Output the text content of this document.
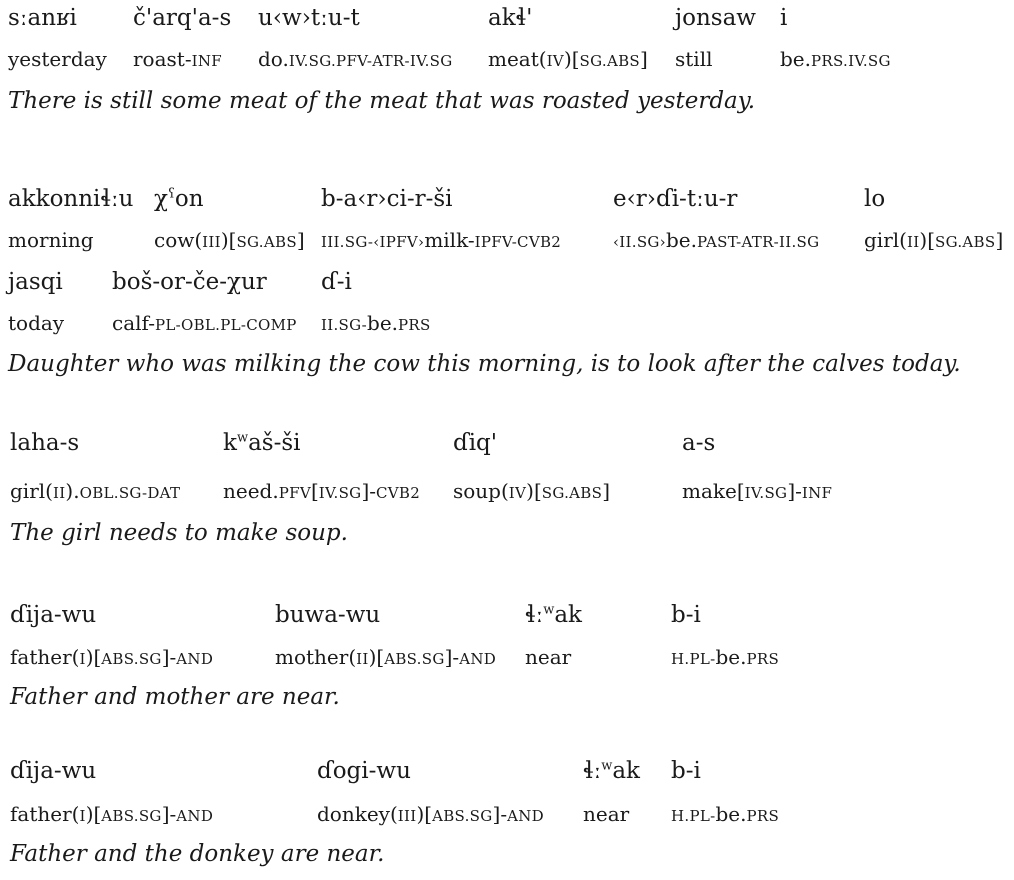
sːanʁi
yesterday
č'arq'a-s
roast-INF
u‹w›tːu-t
do.IV.SG.PFV-ATR-IV.SG
akɬ'
meat(IV)[SG.ABS]
jonsaw
still
i
be.PRS.IV.SG
There is still some meat of the meat that was roasted yesterday.
akkonniɬːu
morning
$\chi^ʕon$
cow(III)[SG.ABS]
b-a‹r›ci-r-ši
III.SG-‹IPFV›milk-IPFV-CVB2
e‹r›ɗi-tːu-r
‹II.SG›be.PAST-ATR-II.SG
lo
girl(II)[SG.ABS]
jasqi
today
boš-or-če-χur
calf-PL-OBL.PL-COMP
ɗ-i
II.SG-be.PRS
Daughter who was milking the cow this morning, is to look after the calves today.
laha-s
girl(II).OBL.SG-DAT
$k^waš-ši$
need.PFV[IV.SG]-CVB2
ɗiq'
soup(IV)[SG.ABS]
a-s
make[IV.SG]-INF
The girl needs to make soup.
ɗija-wu
father(I)[ABS.SG]-AND
buwa-wu
mother(II)[ABS.SG]-AND
ɬː$^w$ak
near
b-i
H.PL-be.PRS
Father and mother are near.
ɗija-wu
father(I)[ABS.SG]-AND
ɗogi-wu
donkey(III)[ABS.SG]-AND
ɬː$^w$ak
near
b-i
H.PL-be.PRS
Father and the donkey are near.
